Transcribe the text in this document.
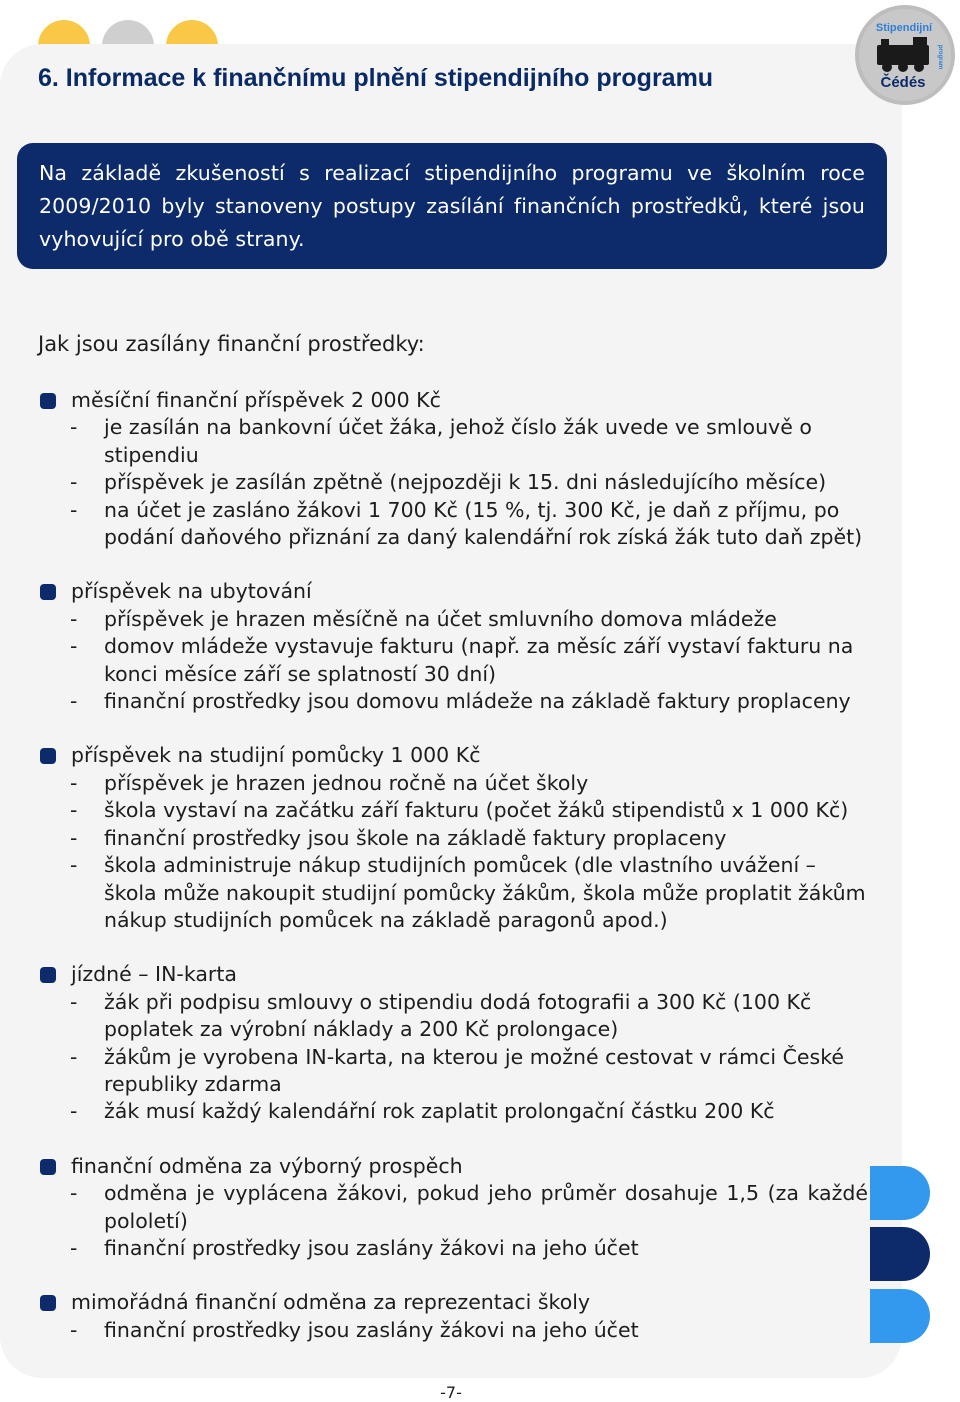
Stipendijní
Čédés
program
6. Informace k finančnímu plnění stipendijního programu

Na základě zkušeností s realizací stipendijního programu ve školním roce 2009/2010 byly stanoveny postupy zasílání finančních prostředků, které jsou vyhovující pro obě strany.

Jak jsou zasílány finanční prostředky:

měsíční finanční příspěvek 2 000 Kč

- je zasílán na bankovní účet žáka, jehož číslo žák uvede ve smlouvě o stipendiu

- příspěvek je zasílán zpětně (nejpozději k 15. dni následujícího měsíce)

- na účet je zasláno žákovi 1 700 Kč (15 %, tj. 300 Kč, je daň z příjmu, po podání daňového přiznání za daný kalendářní rok získá žák tuto daň zpět)

příspěvek na ubytování

- příspěvek je hrazen měsíčně na účet smluvního domova mládeže

- domov mládeže vystavuje fakturu (např. za měsíc září vystaví fakturu na konci měsíce září se splatností 30 dní)

- finanční prostředky jsou domovu mládeže na základě faktury proplaceny

příspěvek na studijní pomůcky 1 000 Kč

- příspěvek je hrazen jednou ročně na účet školy

- škola vystaví na začátku září fakturu (počet žáků stipendistů x 1 000 Kč)

- finanční prostředky jsou škole na základě faktury proplaceny

- škola administruje nákup studijních pomůcek (dle vlastního uvážení – škola může nakoupit studijní pomůcky žákům, škola může proplatit žákům nákup studijních pomůcek na základě paragonů apod.)

jízdné – IN-karta

- žák při podpisu smlouvy o stipendiu dodá fotografii a 300 Kč (100 Kč poplatek za výrobní náklady a 200 Kč prolongace)

- žákům je vyrobena IN-karta, na kterou je možné cestovat v rámci České republiky zdarma

- žák musí každý kalendářní rok zaplatit prolongační částku 200 Kč

finanční odměna za výborný prospěch

- odměna je vyplácena žákovi, pokud jeho průměr dosahuje 1,5 (za každé pololetí)

- finanční prostředky jsou zaslány žákovi na jeho účet

mimořádná finanční odměna za reprezentaci školy

- finanční prostředky jsou zaslány žákovi na jeho účet

-7-
